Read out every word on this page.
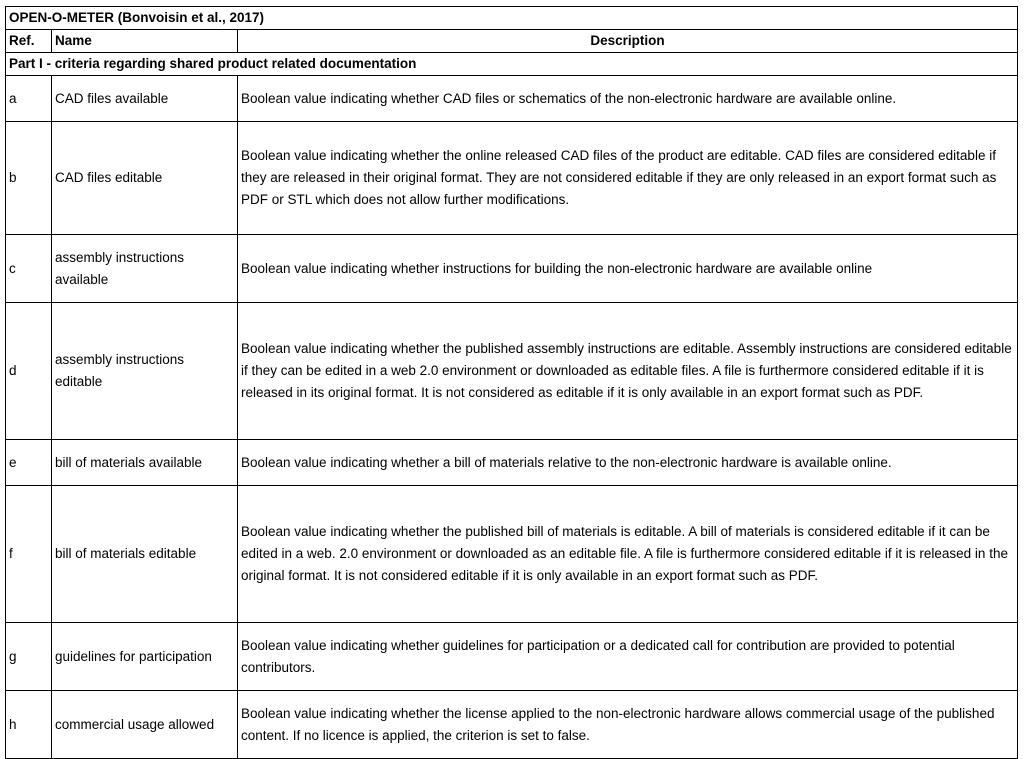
OPEN-O-METER (Bonvoisin et al., 2017)		
Ref.	Name	Description
Part I - criteria regarding shared product related documentation		
a	CAD files available	Boolean value indicating whether CAD files or schematics of the non-electronic hardware are available online.
b	CAD files editable	Boolean value indicating whether the online released CAD files of the product are editable. CAD files are considered editable if they are released in their original format. They are not considered editable if they are only released in an export format such as PDF or STL which does not allow further modifications.
c	assembly instructions available	Boolean value indicating whether instructions for building the non-electronic hardware are available online
d	assembly instructions editable	Boolean value indicating whether the published assembly instructions are editable. Assembly instructions are considered editable if they can be edited in a web 2.0 environment or downloaded as editable files. A file is furthermore considered editable if it is released in its original format. It is not considered as editable if it is only available in an export format such as PDF.
e	bill of materials available	Boolean value indicating whether a bill of materials relative to the non-electronic hardware is available online.
f	bill of materials editable	Boolean value indicating whether the published bill of materials is editable. A bill of materials is considered editable if it can be edited in a web. 2.0 environment or downloaded as an editable file. A file is furthermore considered editable if it is released in the original format. It is not considered editable if it is only available in an export format such as PDF.
g	guidelines for participation	Boolean value indicating whether guidelines for participation or a dedicated call for contribution are provided to potential contributors.
h	commercial usage allowed	Boolean value indicating whether the license applied to the non-electronic hardware allows commercial usage of the published content. If no licence is applied, the criterion is set to false.
